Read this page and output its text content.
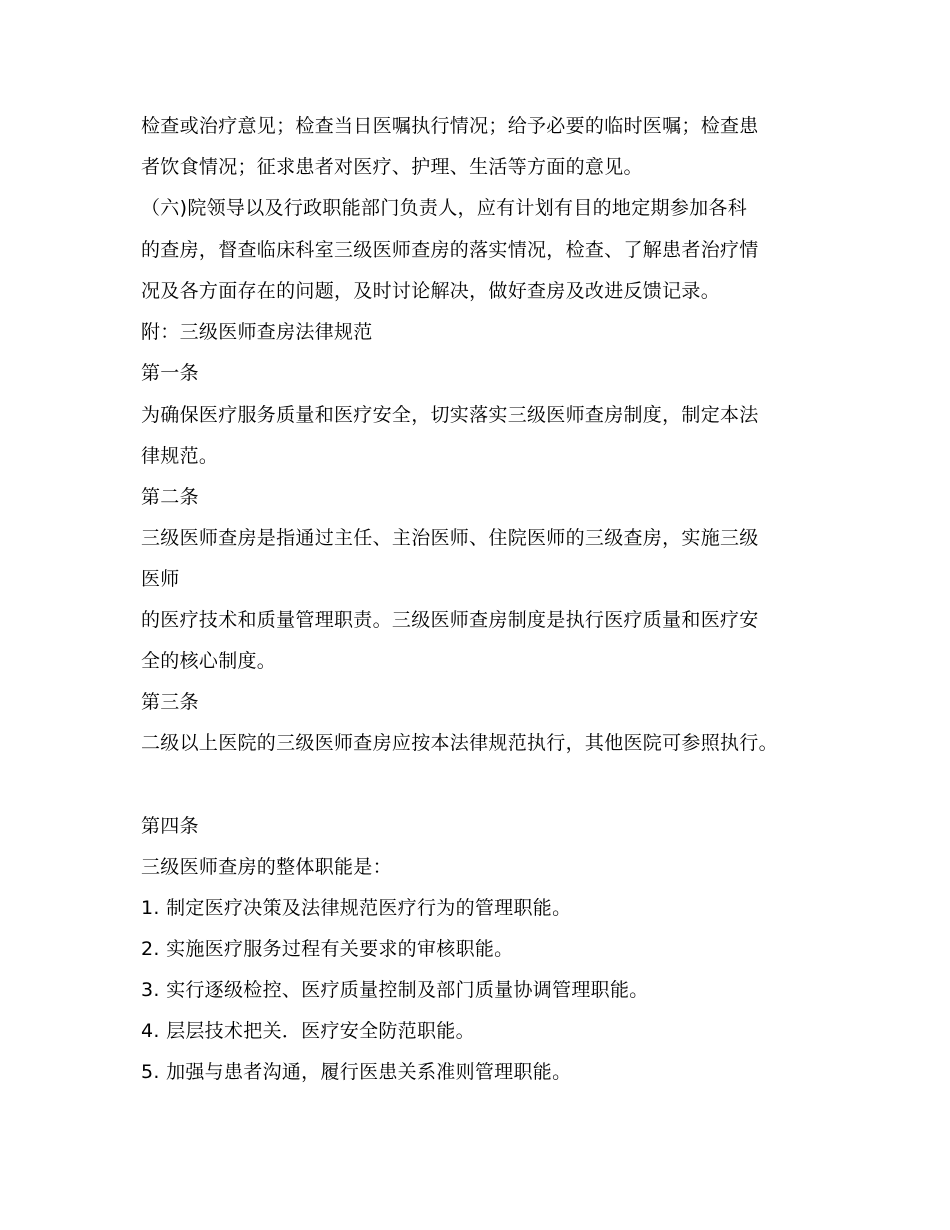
检查或治疗意见；检查当日医嘱执行情况；给予必要的临时医嘱；检查患

者饮食情况；征求患者对医疗、护理、生活等方面的意见。

（六)院领导以及行政职能部门负责人，应有计划有目的地定期参加各科

的查房，督查临床科室三级医师查房的落实情况，检查、了解患者治疗情

况及各方面存在的问题，及时讨论解决，做好查房及改进反馈记录。

附：三级医师查房法律规范

第一条

为确保医疗服务质量和医疗安全，切实落实三级医师查房制度，制定本法

律规范。

第二条

三级医师查房是指通过主任、主治医师、住院医师的三级查房，实施三级

医师

的医疗技术和质量管理职责。三级医师查房制度是执行医疗质量和医疗安

全的核心制度。

第三条

二级以上医院的三级医师查房应按本法律规范执行，其他医院可参照执行。

第四条

三级医师查房的整体职能是：

1. 制定医疗决策及法律规范医疗行为的管理职能。

2. 实施医疗服务过程有关要求的审核职能。

3. 实行逐级检控、医疗质量控制及部门质量协调管理职能。

4. 层层技术把关．医疗安全防范职能。

5. 加强与患者沟通，履行医患关系准则管理职能。
